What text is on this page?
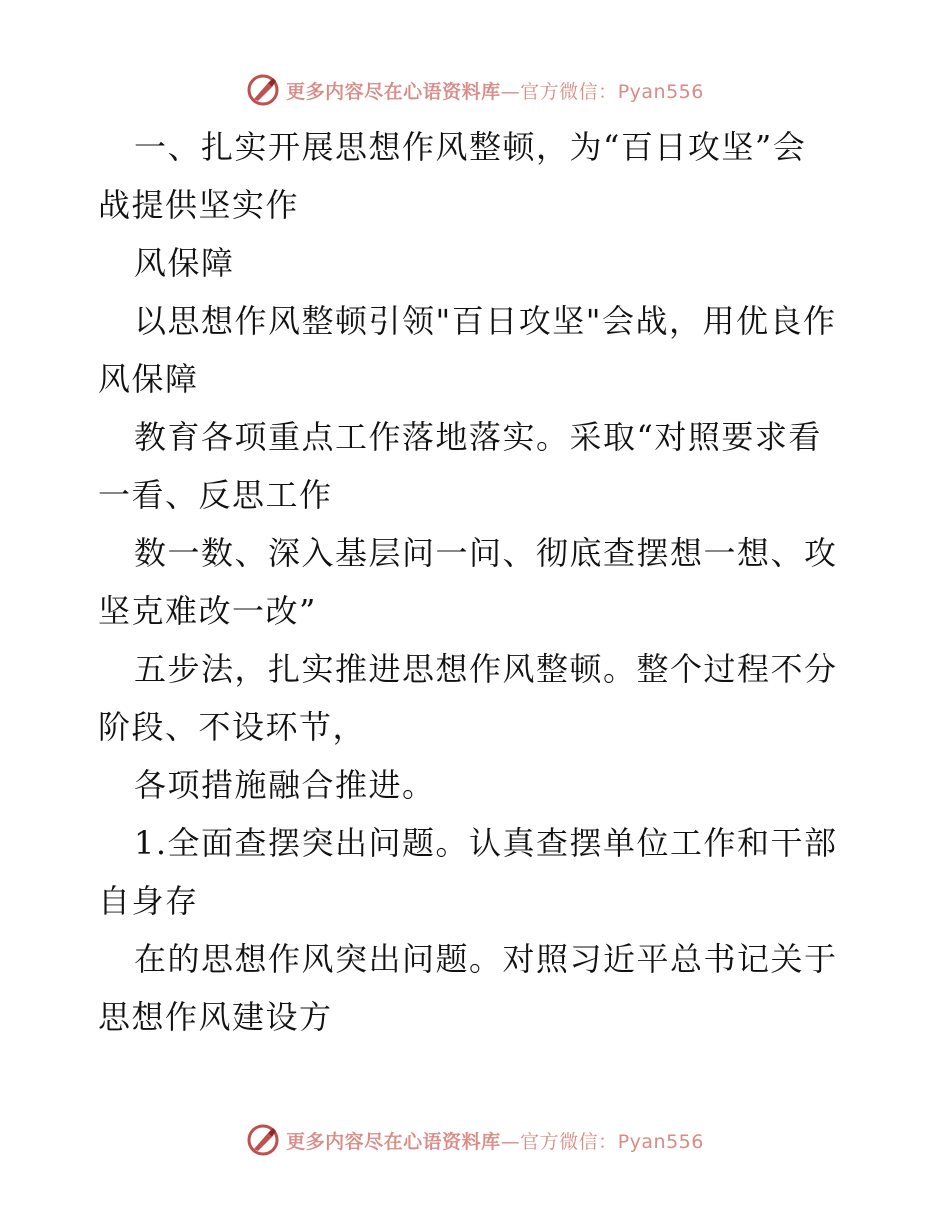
更多内容尽在心语资料库—官方微信：Pyan556

一、扎实开展思想作风整顿，为“百日攻坚”会

战提供坚实作

风保障

以思想作风整顿引领"百日攻坚"会战，用优良作

风保障

教育各项重点工作落地落实。采取“对照要求看

一看、反思工作

数一数、深入基层问一问、彻底查摆想一想、攻

坚克难改一改”

五步法，扎实推进思想作风整顿。整个过程不分

阶段、不设环节，

各项措施融合推进。

1.全面查摆突出问题。认真查摆单位工作和干部

自身存

在的思想作风突出问题。对照习近平总书记关于

思想作风建设方

更多内容尽在心语资料库—官方微信：Pyan556
